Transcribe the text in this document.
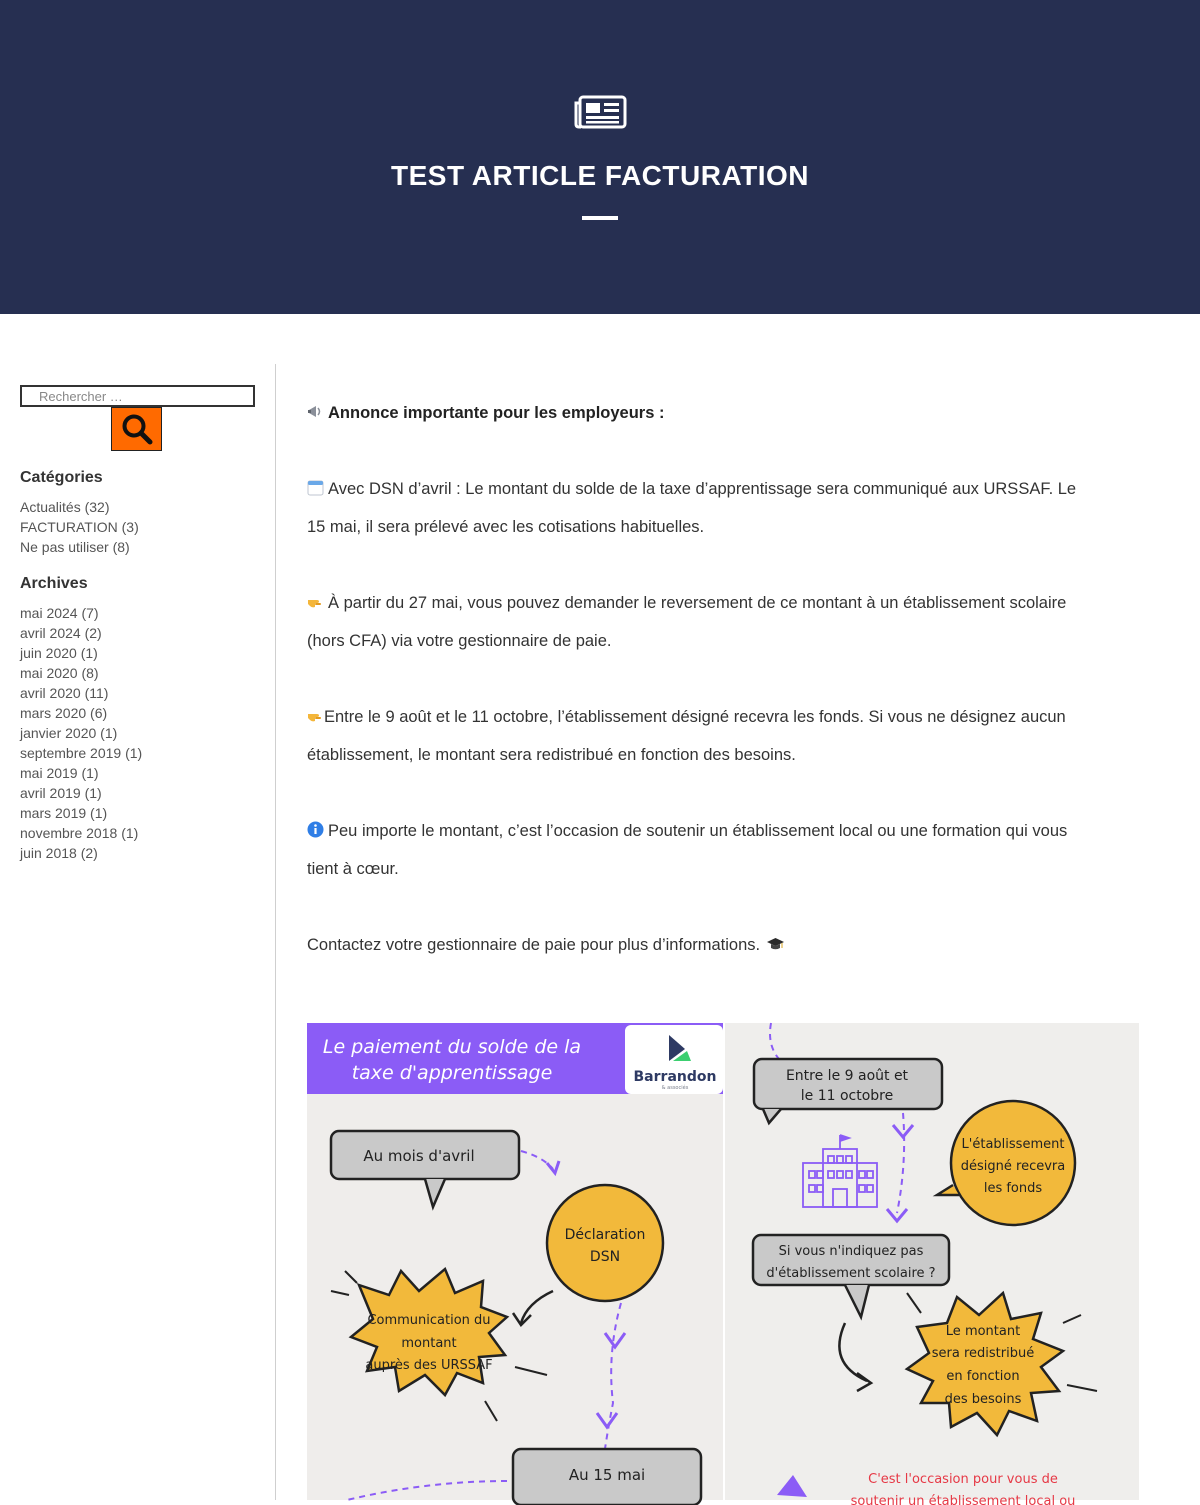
TEST ARTICLE FACTURATION
Rechercher …
Catégories
Actualités (32)
FACTURATION (3)
Ne pas utiliser (8)
Archives
mai 2024 (7)
avril 2024 (2)
juin 2020 (1)
mai 2020 (8)
avril 2020 (11)
mars 2020 (6)
janvier 2020 (1)
septembre 2019 (1)
mai 2019 (1)
avril 2019 (1)
mars 2019 (1)
novembre 2018 (1)
juin 2018 (2)

Annonce importante pour les employeurs :

Avec DSN d’avril : Le montant du solde de la taxe d’apprentissage sera communiqué aux URSSAF. Le
15 mai, il sera prélevé avec les cotisations habituelles.

À partir du 27 mai, vous pouvez demander le reversement de ce montant à un établissement scolaire
(hors CFA) via votre gestionnaire de paie.

Entre le 9 août et le 11 octobre, l’établissement désigné recevra les fonds. Si vous ne désignez aucun
établissement, le montant sera redistribué en fonction des besoins.

Peu importe le montant, c’est l’occasion de soutenir un établissement local ou une formation qui vous
tient à cœur.

Contactez votre gestionnaire de paie pour plus d’informations.

Le paiement du solde de la
taxe d'apprentissage	Barrandon
& associés
Au mois d'avril
Déclaration
DSN
Communication du
montant
auprès des URSSAF
Au 15 mai
Entre le 9 août et
le 11 octobre
L'établissement
désigné recevra
les fonds
Si vous n'indiquez pas
d'établissement scolaire ?
Le montant
sera redistribué
en fonction
des besoins
C'est l'occasion pour vous de
soutenir un établissement local ou
